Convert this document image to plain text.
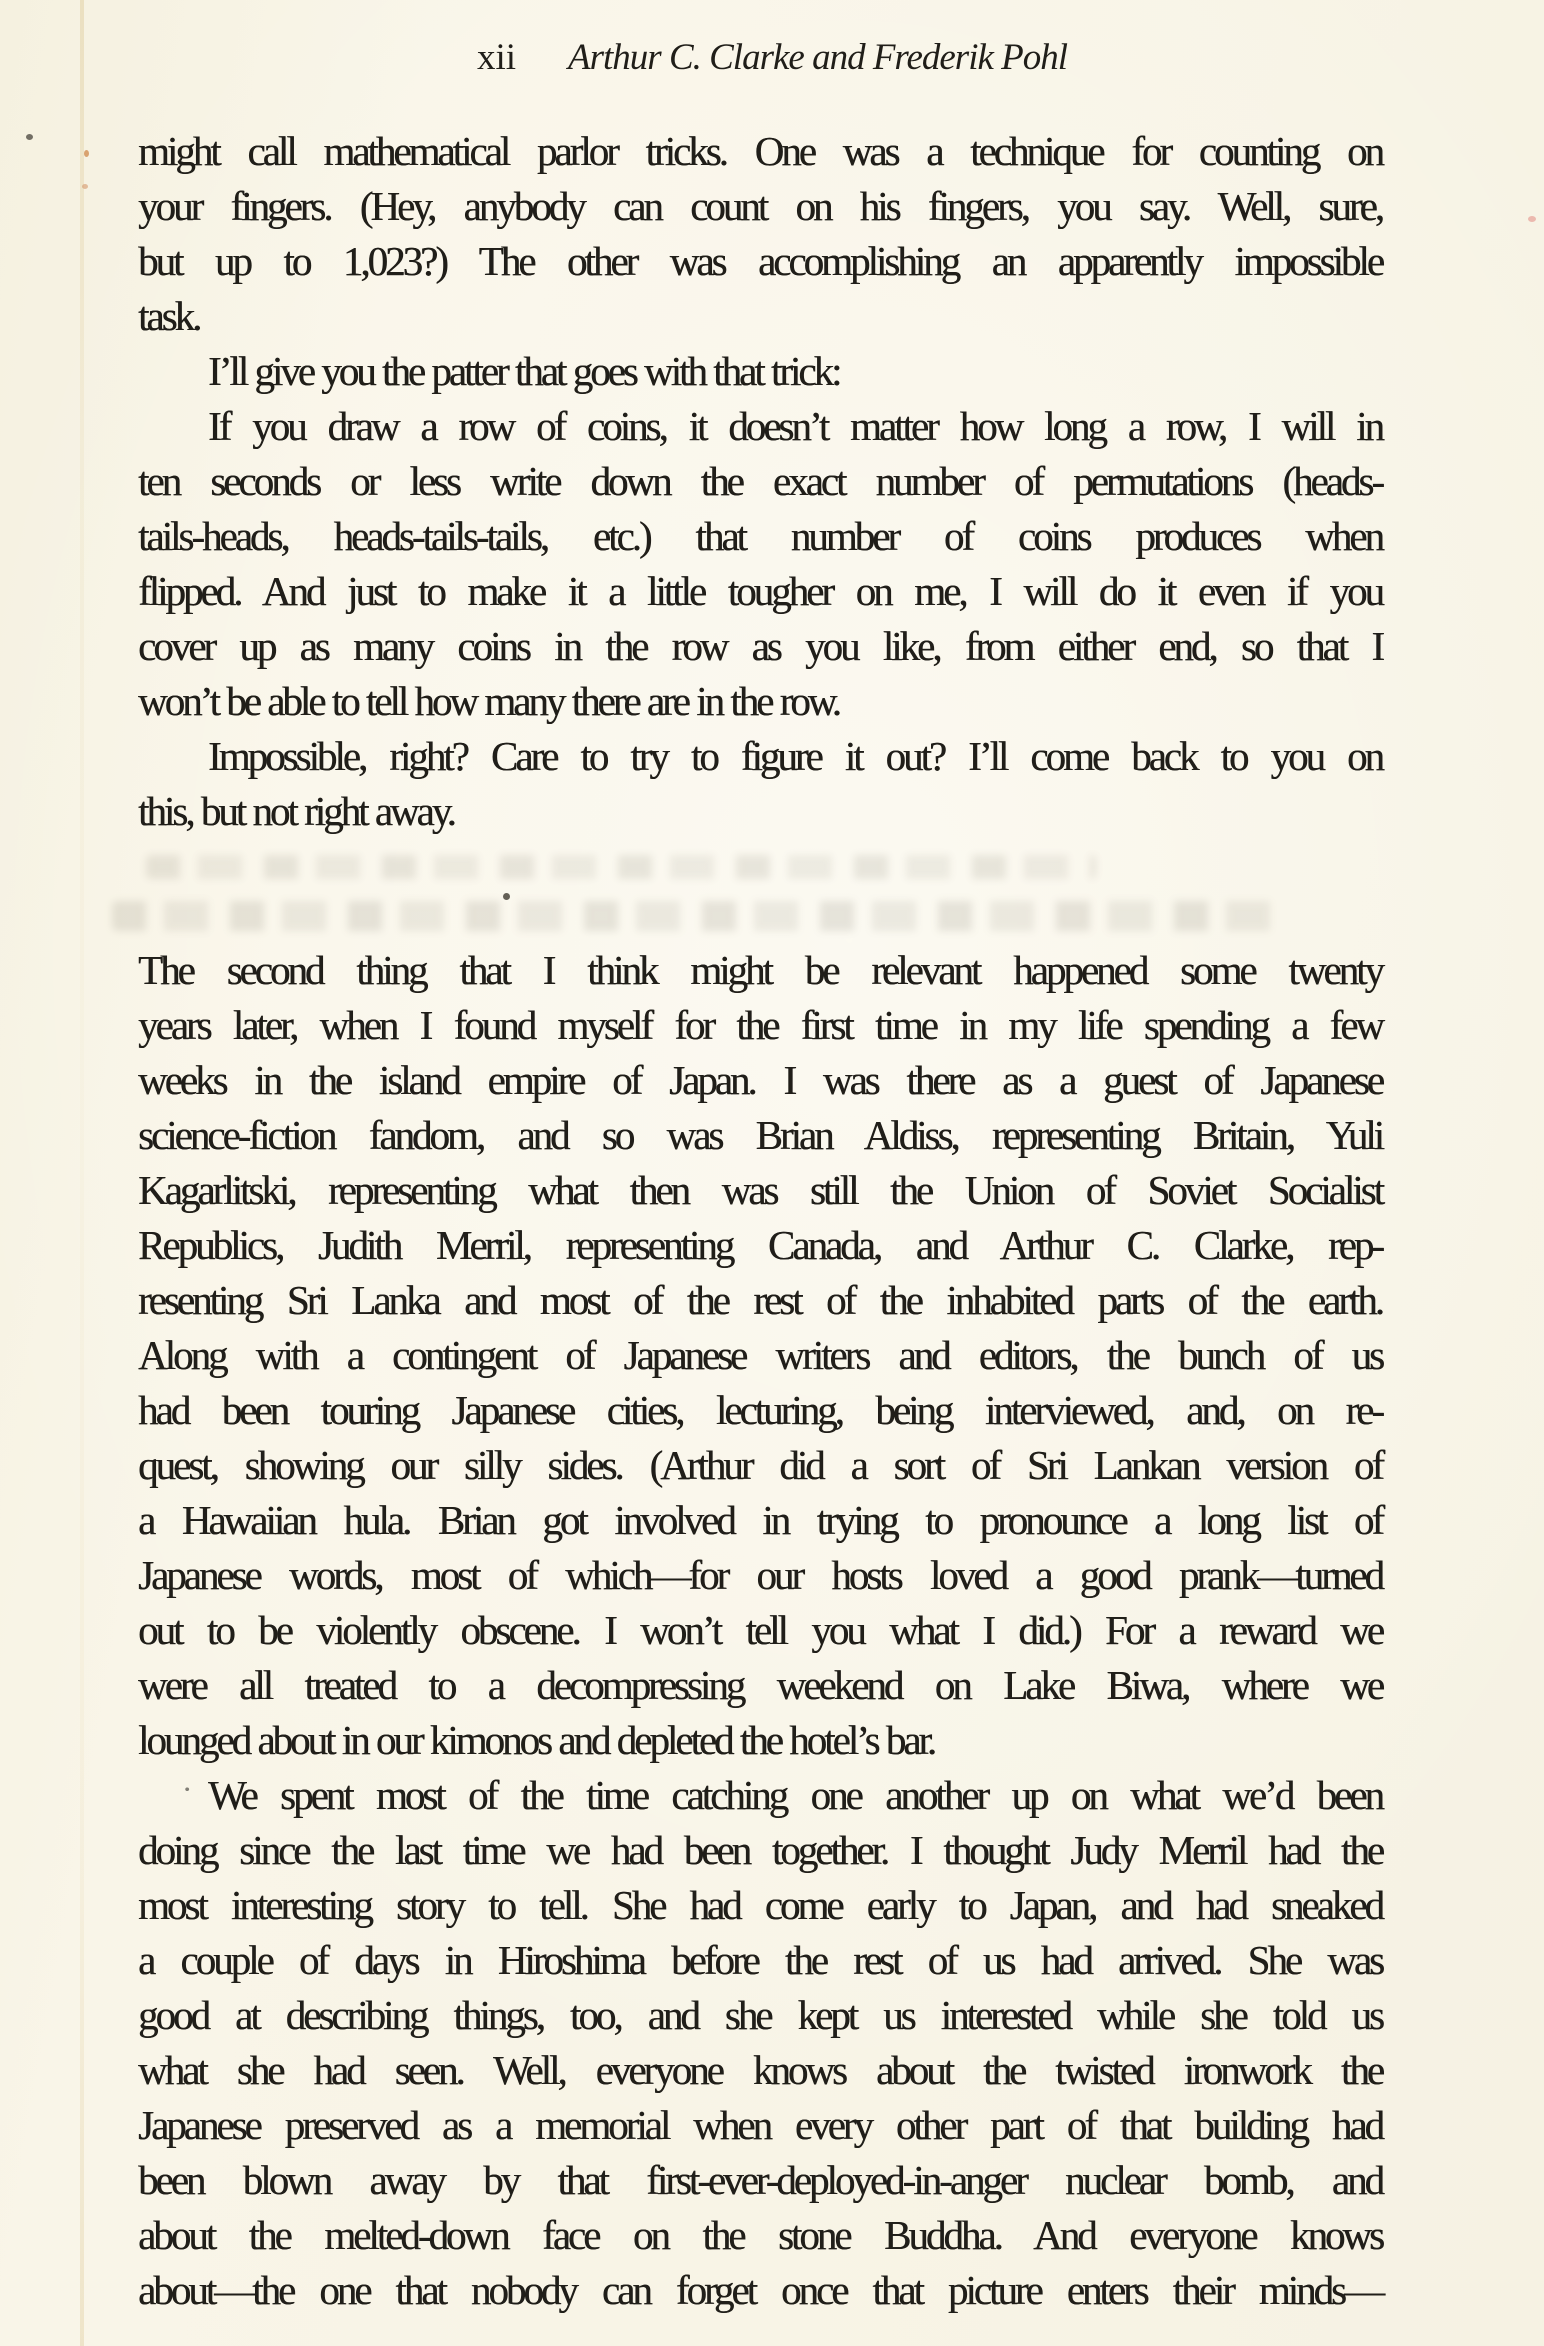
xii Arthur C. Clarke and Frederik Pohl
might call mathematical parlor tricks. One was a technique for counting on
your fingers. (Hey, anybody can count on his fingers, you say. Well, sure,
but up to 1,023?) The other was accomplishing an apparently impossible
task.
I’ll give you the patter that goes with that trick:
If you draw a row of coins, it doesn’t matter how long a row, I will in
ten seconds or less write down the exact number of permutations (heads-
tails-heads, heads-tails-tails, etc.) that number of coins produces when
flipped. And just to make it a little tougher on me, I will do it even if you
cover up as many coins in the row as you like, from either end, so that I
won’t be able to tell how many there are in the row.
Impossible, right? Care to try to figure it out? I’ll come back to you on
this, but not right away.
The second thing that I think might be relevant happened some twenty
years later, when I found myself for the first time in my life spending a few
weeks in the island empire of Japan. I was there as a guest of Japanese
science-fiction fandom, and so was Brian Aldiss, representing Britain, Yuli
Kagarlitski, representing what then was still the Union of Soviet Socialist
Republics, Judith Merril, representing Canada, and Arthur C. Clarke, rep-
resenting Sri Lanka and most of the rest of the inhabited parts of the earth.
Along with a contingent of Japanese writers and editors, the bunch of us
had been touring Japanese cities, lecturing, being interviewed, and, on re-
quest, showing our silly sides. (Arthur did a sort of Sri Lankan version of
a Hawaiian hula. Brian got involved in trying to pronounce a long list of
Japanese words, most of which—for our hosts loved a good prank—turned
out to be violently obscene. I won’t tell you what I did.) For a reward we
were all treated to a decompressing weekend on Lake Biwa, where we
lounged about in our kimonos and depleted the hotel’s bar.
· We spent most of the time catching one another up on what we’d been
doing since the last time we had been together. I thought Judy Merril had the
most interesting story to tell. She had come early to Japan, and had sneaked
a couple of days in Hiroshima before the rest of us had arrived. She was
good at describing things, too, and she kept us interested while she told us
what she had seen. Well, everyone knows about the twisted ironwork the
Japanese preserved as a memorial when every other part of that building had
been blown away by that first-ever-deployed-in-anger nuclear bomb, and
about the melted-down face on the stone Buddha. And everyone knows
about—the one that nobody can forget once that picture enters their minds—
